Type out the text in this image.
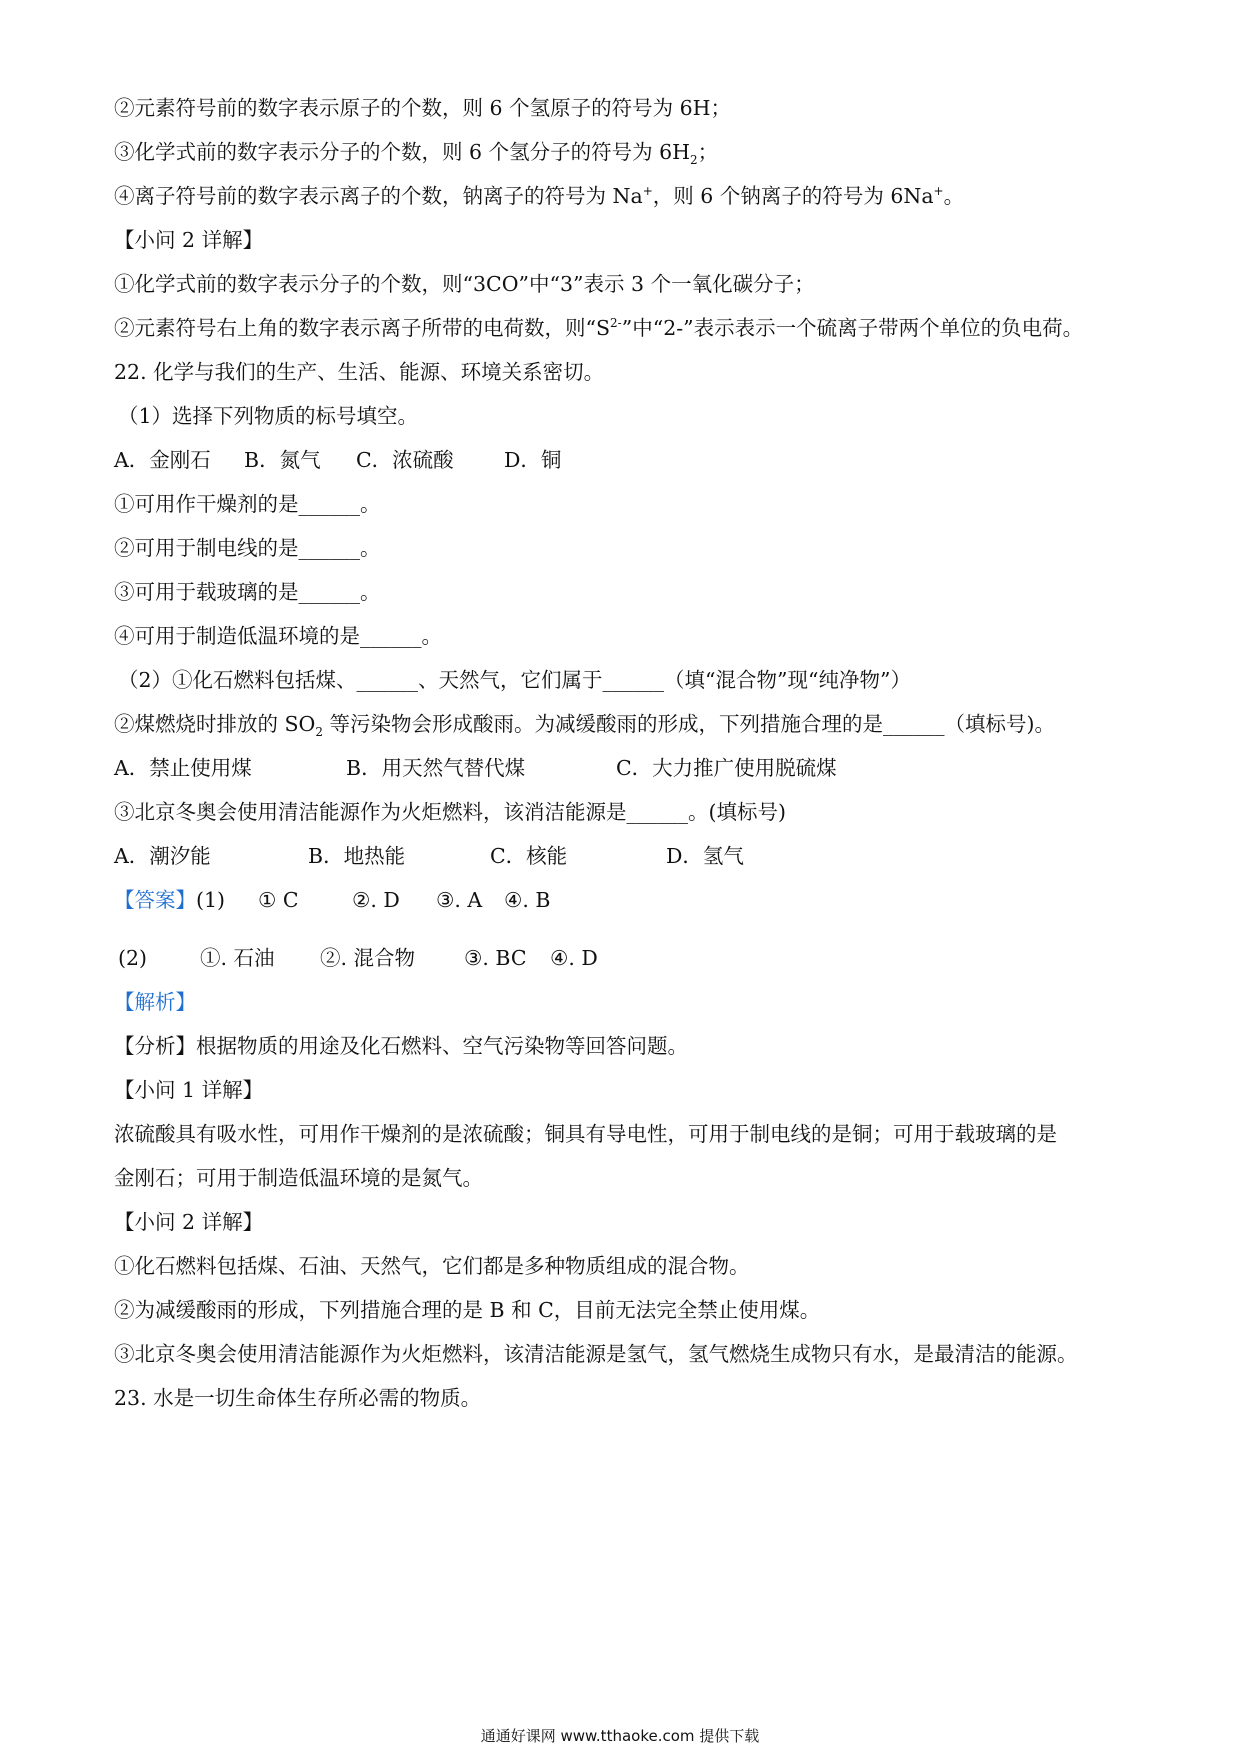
②元素符号前的数字表示原子的个数，则 6 个氢原子的符号为 6H；
③化学式前的数字表示分子的个数，则 6 个氢分子的符号为 $6H_2$；
④离子符号前的数字表示离子的个数，钠离子的符号为 Na+，则 6 个钠离子的符号为 6Na+。
【小问 2 详解】
①化学式前的数字表示分子的个数，则“3CO”中“3”表示 3 个一氧化碳分子；
②元素符号右上角的数字表示离子所带的电荷数，则“$S^{2-}$”中“2-”表示表示一个硫离子带两个单位的负电荷。
22. 化学与我们的生产、生活、能源、环境关系密切。
（1）选择下列物质的标号填空。
A．金刚石 B．氮气 C．浓硫酸 D．铜
①可用作干燥剂的是______。
②可用于制电线的是______。
③可用于载玻璃的是______。
④可用于制造低温环境的是______。
（2）①化石燃料包括煤、______、天然气，它们属于______（填“混合物”现“纯净物”）
②煤燃烧时排放的 $SO_2$ 等污染物会形成酸雨。为减缓酸雨的形成，下列措施合理的是______（填标号)。
A．禁止使用煤	B．用天然气替代煤	C．大力推广使用脱硫煤
③北京冬奥会使用清洁能源作为火炬燃料，该消洁能源是______。(填标号)
A．潮汐能	B．地热能	C．核能	D．氢气
【答案】(1) ① C	②. D ③. A ④. B
(2)	①. 石油 ②. 混合物 ③. BC ④. D
【解析】
【分析】根据物质的用途及化石燃料、空气污染物等回答问题。
【小问 1 详解】
浓硫酸具有吸水性，可用作干燥剂的是浓硫酸；铜具有导电性，可用于制电线的是铜；可用于载玻璃的是
金刚石；可用于制造低温环境的是氮气。
【小问 2 详解】
①化石燃料包括煤、石油、天然气，它们都是多种物质组成的混合物。
②为减缓酸雨的形成，下列措施合理的是 B 和 C，目前无法完全禁止使用煤。
③北京冬奥会使用清洁能源作为火炬燃料，该清洁能源是氢气，氢气燃烧生成物只有水，是最清洁的能源。
23. 水是一切生命体生存所必需的物质。
通通好课网 www.tthaoke.com 提供下载
